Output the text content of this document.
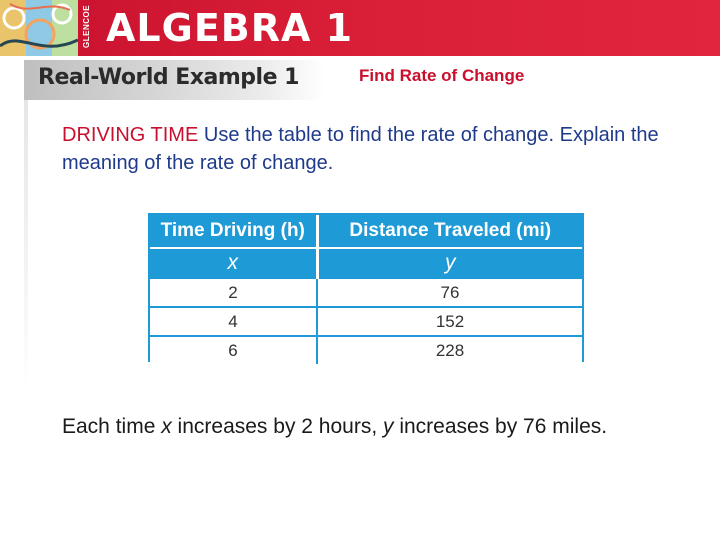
GLENCOE ALGEBRA 1
Real-World Example 1	Find Rate of Change
DRIVING TIME Use the table to find the rate of change. Explain the meaning of the rate of change.
Time Driving (h)	Distance Traveled (mi)
x	y
2	76
4	152
6	228
Each time x increases by 2 hours, y increases by 76 miles.
